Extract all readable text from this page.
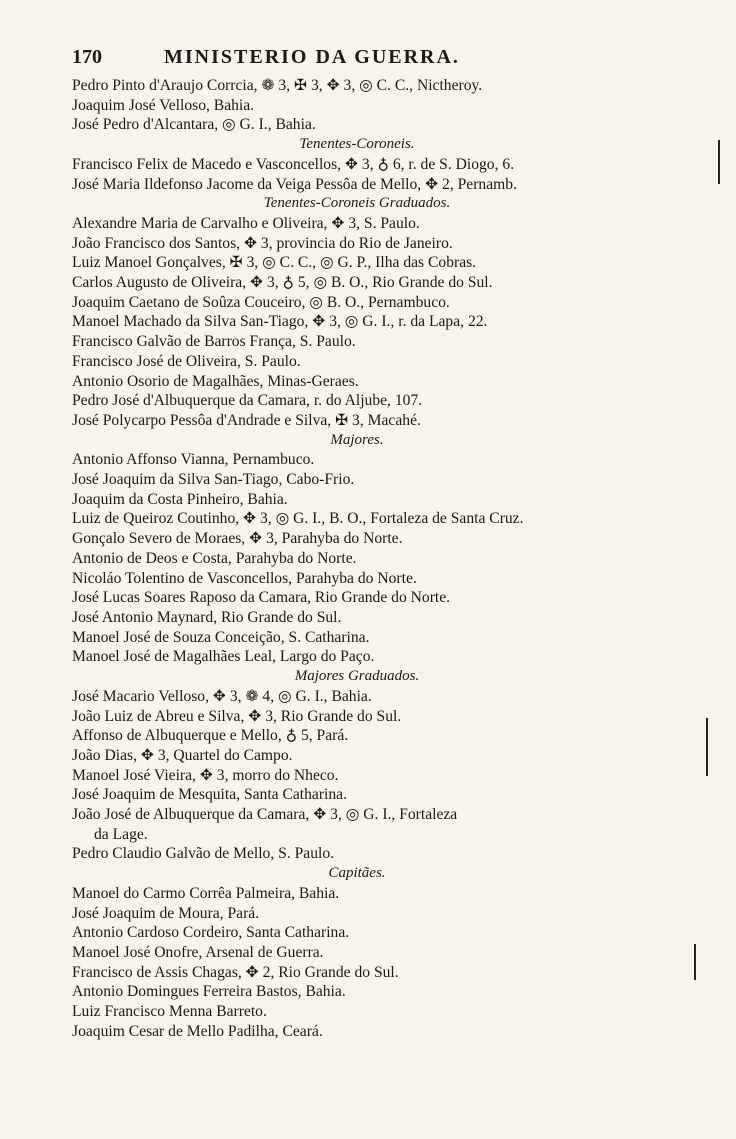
170	MINISTERIO DA GUERRA.
Pedro Pinto d'Araujo Corrcia, ❁ 3, ✠ 3, ✥ 3, ◎ C. C., Nictheroy.
Joaquim José Velloso, Bahia.
José Pedro d'Alcantara, ◎ G. I., Bahia.
Tenentes-Coroneis.
Francisco Felix de Macedo e Vasconcellos, ✥ 3, ♁ 6, r. de S. Diogo, 6.
José Maria Ildefonso Jacome da Veiga Pessôa de Mello, ✥ 2, Pernamb.
Tenentes-Coroneis Graduados.
Alexandre Maria de Carvalho e Oliveira, ✥ 3, S. Paulo.
João Francisco dos Santos, ✥ 3, provincia do Rio de Janeiro.
Luiz Manoel Gonçalves, ✠ 3, ◎ C. C., ◎ G. P., Ilha das Cobras.
Carlos Augusto de Oliveira, ✥ 3, ♁ 5, ◎ B. O., Rio Grande do Sul.
Joaquim Caetano de Soûza Couceiro, ◎ B. O., Pernambuco.
Manoel Machado da Silva San-Tiago, ✥ 3, ◎ G. I., r. da Lapa, 22.
Francisco Galvão de Barros França, S. Paulo.
Francisco José de Oliveira, S. Paulo.
Antonio Osorio de Magalhães, Minas-Geraes.
Pedro José d'Albuquerque da Camara, r. do Aljube, 107.
José Polycarpo Pessôa d'Andrade e Silva, ✠ 3, Macahé.
Majores.
Antonio Affonso Vianna, Pernambuco.
José Joaquim da Silva San-Tiago, Cabo-Frio.
Joaquim da Costa Pinheiro, Bahia.
Luiz de Queiroz Coutinho, ✥ 3, ◎ G. I., B. O., Fortaleza de Santa Cruz.
Gonçalo Severo de Moraes, ✥ 3, Parahyba do Norte.
Antonio de Deos e Costa, Parahyba do Norte.
Nicoláo Tolentino de Vasconcellos, Parahyba do Norte.
José Lucas Soares Raposo da Camara, Rio Grande do Norte.
José Antonio Maynard, Rio Grande do Sul.
Manoel José de Souza Conceição, S. Catharina.
Manoel José de Magalhães Leal, Largo do Paço.
Majores Graduados.
José Macario Velloso, ✥ 3, ❁ 4, ◎ G. I., Bahia.
João Luiz de Abreu e Silva, ✥ 3, Rio Grande do Sul.
Affonso de Albuquerque e Mello, ♁ 5, Pará.
João Dias, ✥ 3, Quartel do Campo.
Manoel José Vieira, ✥ 3, morro do Nheco.
José Joaquim de Mesquita, Santa Catharina.
João José de Albuquerque da Camara, ✥ 3, ◎ G. I., Fortaleza
da Lage.
Pedro Claudio Galvão de Mello, S. Paulo.
Capitães.
Manoel do Carmo Corrêa Palmeira, Bahia.
José Joaquim de Moura, Pará.
Antonio Cardoso Cordeiro, Santa Catharina.
Manoel José Onofre, Arsenal de Guerra.
Francisco de Assis Chagas, ✥ 2, Rio Grande do Sul.
Antonio Domingues Ferreira Bastos, Bahia.
Luiz Francisco Menna Barreto.
Joaquim Cesar de Mello Padilha, Ceará.
